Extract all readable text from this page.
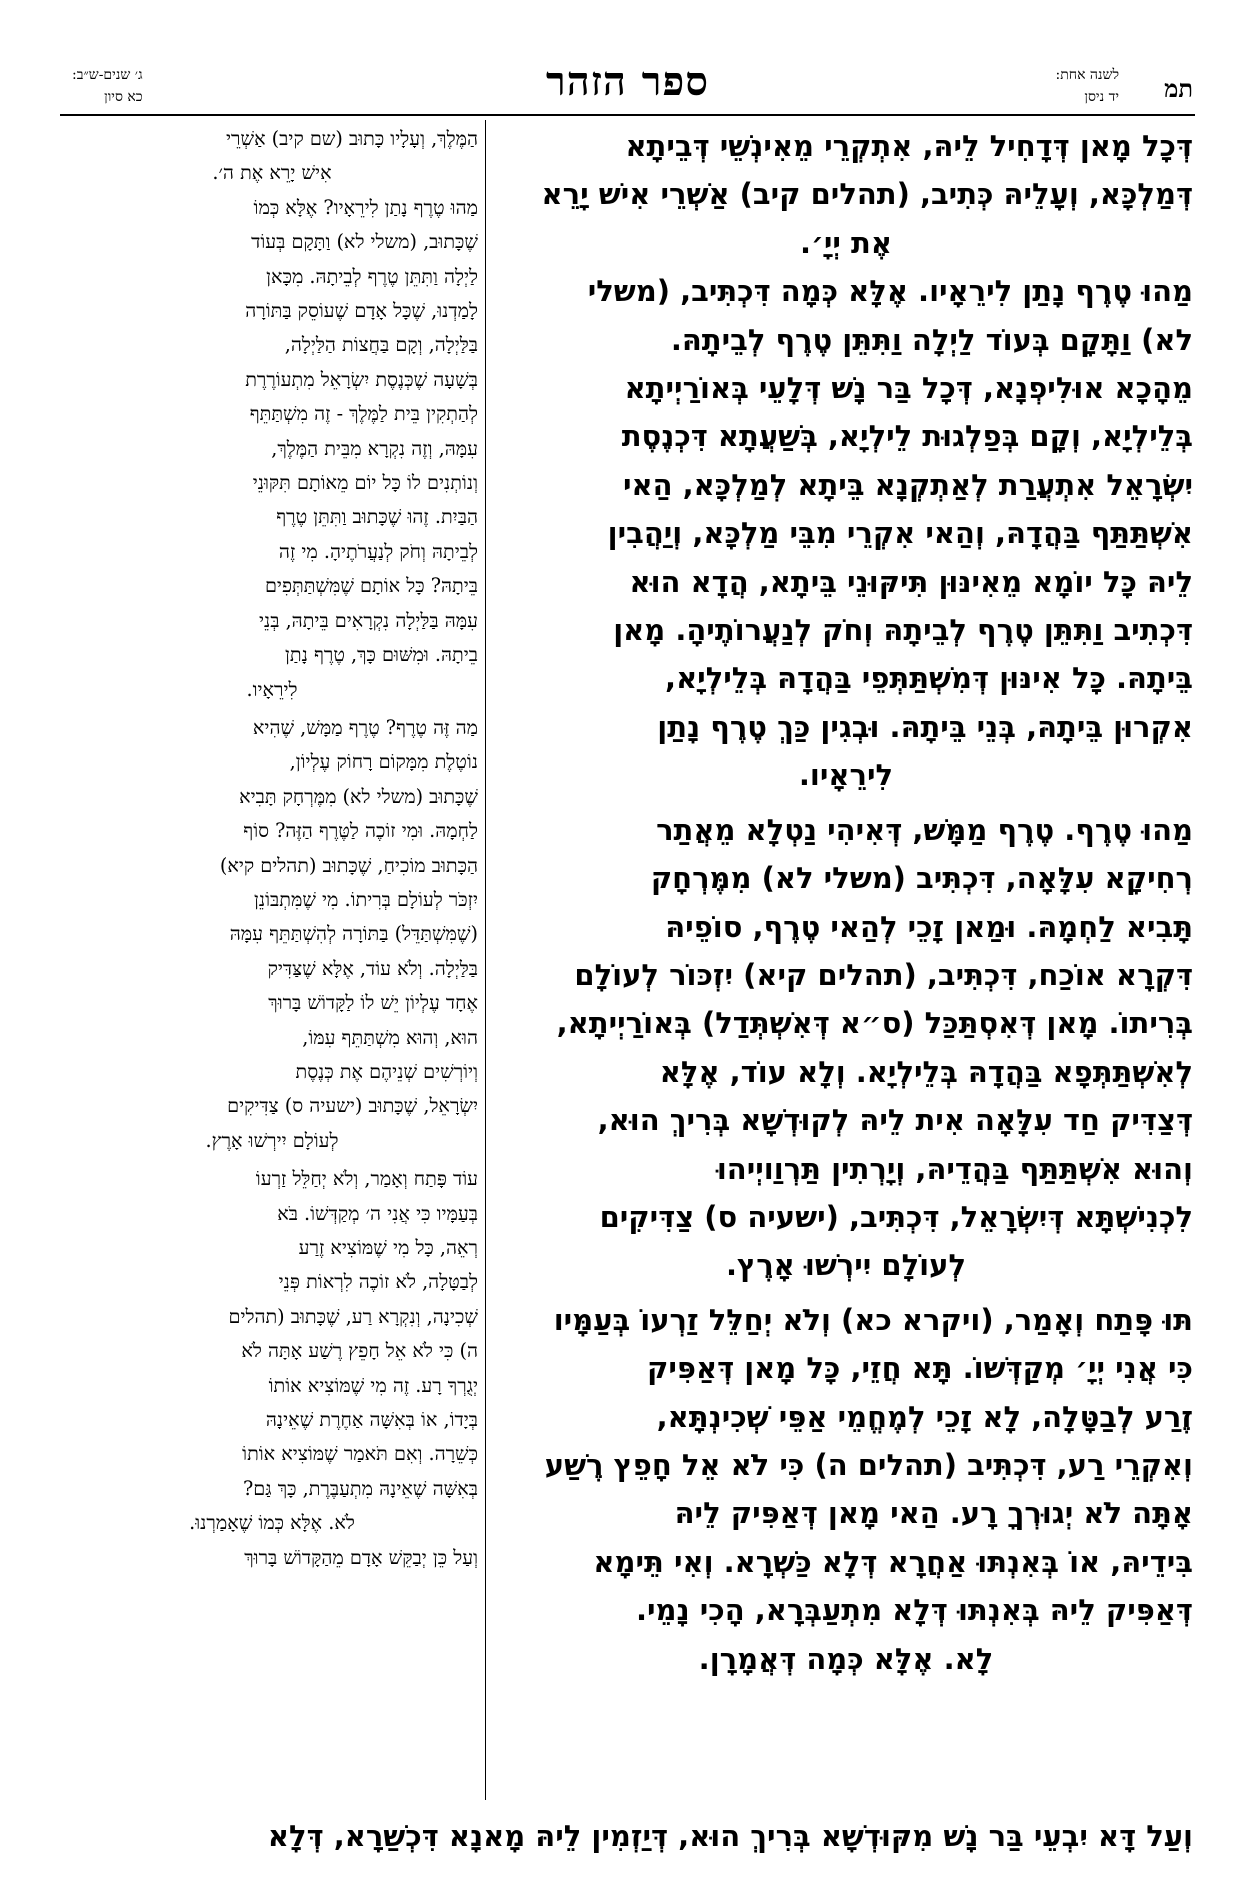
תמ
לשנה אחת:
יד ניסן
ספר הזהר
ג׳ שנים-ש״ב:
כא סיון

דְּכָל מָאן דְּדָחִיל לֵיהּ, אִתְקְרֵי מֵאִינְשֵׁי דְּבֵיתָא

דְּמַלְכָּא, וְעָלֵיהּ כְּתִיב, (תהלים קיב) אַשְׁרֵי אִישׁ יָרֵא

אֶת יְיָ׳.

מַהוּ טֶרֶף נָתַן לִירֵאָיו. אֶלָּא כְּמָה דִּכְתִּיב, (משלי

לא) וַתָּקָם בְּעוֹד לַיְלָה וַתִּתֵּן טֶרֶף לְבֵיתָהּ.

מֵהָכָא אוּלִיפְנָא, דְּכָל בַּר נָשׁ דְּלָעֵי בְּאוֹרַיְיתָא

בְּלֵילְיָא, וְקָם בְּפַלְגוּת לֵילְיָא, בְּשַׁעֲתָא דִּכְנֶסֶת

יִשְׂרָאֵל אִתְעֲרַת לְאַתְקְנָא בֵּיתָא לְמַלְכָּא, הַאי

אִשְׁתַּתַּף בַּהֲדָהּ, וְהַאי אִקְרֵי מִבֵּי מַלְכָּא, וְיַהֲבִין

לֵיהּ כָּל יוֹמָא מֵאִינּוּן תִּיקּוּנֵי בֵּיתָא, הֲדָא הוּא

דִּכְתִיב וַתִּתֵּן טֶרֶף לְבֵיתָהּ וְחֹק לְנַעֲרוֹתֶיהָ. מָאן

בֵּיתָהּ. כָּל אִינּוּן דְּמִשְׁתַּתְּפֵי בַּהֲדָהּ בְּלֵילְיָא,

אִקְרוּן בֵּיתָהּ, בְּנֵי בֵּיתָהּ. וּבְגִין כַּךְ טֶרֶף נָתַן

לִירֵאָיו.

מַהוּ טֶרֶף. טֶרֶף מַמָּשׁ, דְּאִיהִי נַטְלָא מֵאֲתַר

רְחִיקָא עִלָּאָה, דִּכְתִּיב (משלי לא) מִמֶּרְחָק

תָּבִיא לַחְמָהּ. וּמַאן זָכֵי לְהַאי טֶרֶף, סוֹפֵיהּ

דִּקְרָא אוֹכַח, דִּכְתִּיב, (תהלים קיא) יִזְכּוֹר לְעוֹלָם

בְּרִיתוֹ. מָאן דְּאִסְתַּכַּל (ס״א דְּאִשְׁתְּדַל) בְּאוֹרַיְיתָא,

לְאִשְׁתַּתְּפָא בַּהֲדָהּ בְּלֵילְיָא. וְלָא עוֹד, אֶלָּא

דְּצַדִּיק חַד עִלָּאָה אִית לֵיהּ לְקוּדְשָׁא בְּרִיךְ הוּא,

וְהוּא אִשְׁתַּתַּף בַּהֲדֵיהּ, וְיָרְתִין תַּרְוַויְיהוּ

לִכְנִישְׁתָּא דְּיִשְׂרָאֵל, דִּכְתִּיב, (ישעיה ס) צַדִּיקִים

לְעוֹלָם יִירְשׁוּ אָרֶץ.

תּוּ פָּתַח וְאָמַר, (ויקרא כא) וְלֹא יְחַלֵּל זַרְעוֹ בְּעַמָּיו

כִּי אֲנִי יְיָ׳ מְקַדְּשׁוֹ. תָּא חֲזֵי, כָּל מָאן דְּאַפִּיק

זֶרַע לְבַטָּלָה, לָא זָכֵי לְמֶחֱמֵי אַפֵּי שְׁכִינְתָּא,

וְאִקְרֵי רַע, דִּכְתִּיב (תהלים ה) כִּי לֹא אֵל חָפֵץ רֶשַׁע

אָתָּה לֹא יְגוּרְךָ רָע. הַאי מָאן דְּאַפִּיק לֵיהּ

בִּידֵיהּ, אוֹ בְּאִנְתּוּ אַחֲרָא דְּלָא כַּשְׁרָא. וְאִי תֵּימָא

דְּאַפִּיק לֵיהּ בְּאִנְתּוּ דְּלָא מִתְעַבְּרָא, הָכִי נָמֵי.

לָא. אֶלָּא כְּמָה דְּאֲמָרָן.

הַמֶּלֶךְ, וְעָלָיו כָּתוּב (שם קיב) אַשְׁרֵי

אִישׁ יָרֵא אֶת ה׳.

מַהוּ טֶרֶף נָתַן לִירֵאָיו? אֶלָּא כְּמוֹ

שֶׁכָּתוּב, (משלי לא) וַתָּקָם בְּעוֹד

לַיְלָה וַתִּתֵּן טֶרֶף לְבֵיתָהּ. מִכָּאן

לָמַדְנוּ, שֶׁכָּל אָדָם שֶׁעוֹסֵק בַּתּוֹרָה

בַּלַּיְלָה, וְקָם בַּחֲצוֹת הַלַּיְלָה,

בְּשָׁעָה שֶׁכְּנֶסֶת יִשְׂרָאֵל מִתְעוֹרֶרֶת

לְהַתְקִין בֵּית לַמֶּלֶךְ - זֶה מִשְׁתַּתֵּף

עִמָּהּ, וְזֶה נִקְרָא מִבֵּית הַמֶּלֶךְ,

וְנוֹתְנִים לוֹ כָּל יוֹם מֵאוֹתָם תִּקּוּנֵי

הַבַּיִת. זֶהוּ שֶׁכָּתוּב וַתִּתֵּן טֶרֶף

לְבֵיתָהּ וְחֹק לְנַעֲרֹתֶיהָ. מִי זֶה

בֵּיתָהּ? כָּל אוֹתָם שֶׁמִּשְׁתַּתְּפִים

עִמָּהּ בַּלַּיְלָה נִקְרָאִים בֵּיתָהּ, בְּנֵי

בֵיתָהּ. וּמִשּׁוּם כָּךְ, טֶרֶף נָתַן

לִירֵאָיו.

מַה זֶּה טֶרֶף? טֶרֶף מַמָּשׁ, שֶׁהִיא

נוֹטֶלֶת מִמָּקוֹם רָחוֹק עֶלְיוֹן,

שֶׁכָּתוּב (משלי לא) מִמֶּרְחָק תָּבִיא

לַחְמָהּ. וּמִי זוֹכֶה לַטֶּרֶף הַזֶּה? סוֹף

הַכָּתוּב מוֹכִיחַ, שֶׁכָּתוּב (תהלים קיא)

יִזְכֹּר לְעוֹלָם בְּרִיתוֹ. מִי שֶׁמִּתְבּוֹנֵן

(שֶׁמִּשְׁתַּדֵּל) בַּתּוֹרָה לְהִשְׁתַּתֵּף עִמָּהּ

בַּלַּיְלָה. וְלֹא עוֹד, אֶלָּא שֶׁצַּדִּיק

אֶחָד עֶלְיוֹן יֵשׁ לוֹ לַקָּדוֹשׁ בָּרוּךְ

הוּא, וְהוּא מִשְׁתַּתֵּף עִמּוֹ,

וְיוֹרְשִׁים שְׁנֵיהֶם אֶת כְּנֶסֶת

יִשְׂרָאֵל, שֶׁכָּתוּב (ישעיה ס) צַדִּיקִים

לְעוֹלָם יִירְשׁוּ אָרֶץ.

עוֹד פָּתַח וְאָמַר, וְלֹא יְחַלֵּל זַרְעוֹ

בְּעַמָּיו כִּי אֲנִי ה׳ מְקַדְּשׁוֹ. בֹּא

רְאֵה, כָּל מִי שֶׁמּוֹצִיא זֶרַע

לְבַטָּלָה, לֹא זוֹכֶה לִרְאוֹת פְּנֵי

שְׁכִינָה, וְנִקְרָא רַע, שֶׁכָּתוּב (תהלים

ה) כִּי לֹא אֵל חָפֵץ רֶשַׁע אָתָּה לֹא

יְגֻרְךָ רָע. זֶה מִי שֶׁמּוֹצִיא אוֹתוֹ

בְּיָדוֹ, אוֹ בְּאִשָּׁה אַחֶרֶת שֶׁאֵינָהּ

כְּשֵׁרָה. וְאִם תֹּאמַר שֶׁמּוֹצִיא אוֹתוֹ

בְּאִשָּׁה שֶׁאֵינָהּ מִתְעַבֶּרֶת, כָּךְ גַּם?

לֹא. אֶלָּא כְּמוֹ שֶׁאָמַרְנוּ.

וְעַל כֵּן יְבַקֵּשׁ אָדָם מֵהַקָּדוֹשׁ בָּרוּךְ

וְעַל דָּא יִבְעֵי בַּר נָשׁ מִקּוּדְשָׁא בְּרִיךְ הוּא, דְּיַזְמִין לֵיהּ מָאנָא דִּכְשַׁרָא, דְּלָא
